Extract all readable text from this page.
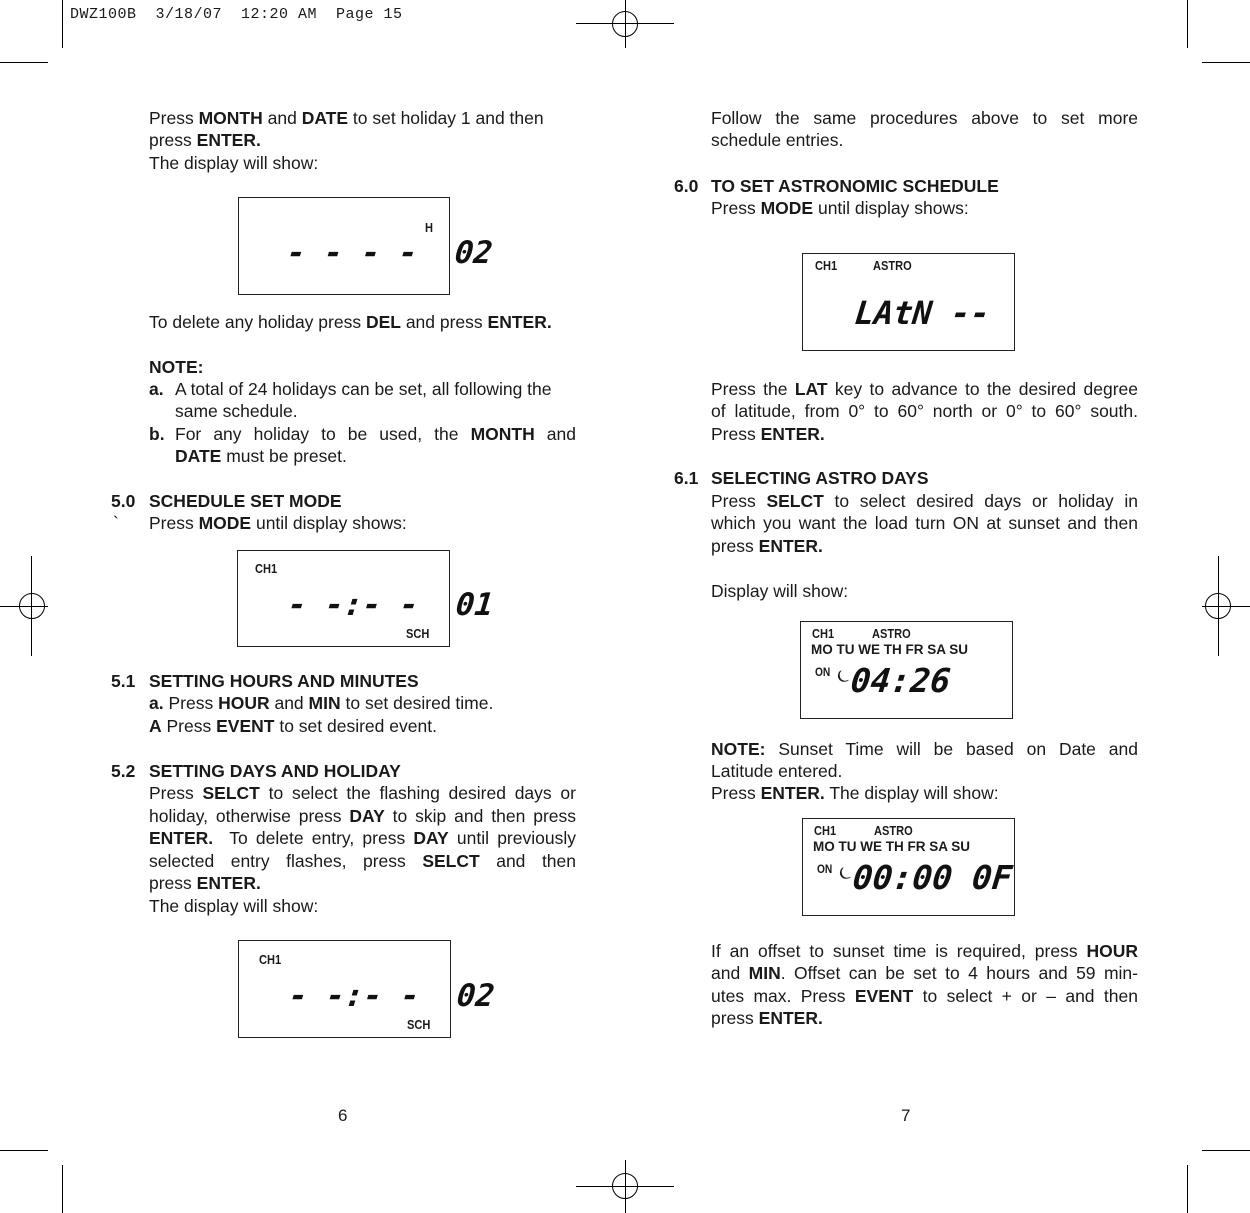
DWZ100B  3/18/07  12:20 AM  Page 15
Press MONTH and DATE to set holiday 1 and then
press ENTER.
The display will show:
H
- - - -  02
To delete any holiday press DEL and press ENTER.
NOTE:
a. A total of 24 holidays can be set, all following the
same schedule.
b. For any holiday to be used, the MONTH and
DATE must be preset.
5.0 SCHEDULE SET MODE
` Press MODE until display shows:
CH1
- -:- -  01
SCH
5.1 SETTING HOURS AND MINUTES
a. Press HOUR and MIN to set desired time.
A Press EVENT to set desired event.
5.2 SETTING DAYS AND HOLIDAY
Press SELCT to select the flashing desired days or
holiday, otherwise press DAY to skip and then press
ENTER.  To delete entry, press DAY until previously
selected entry flashes, press SELCT and then
press ENTER.
The display will show:
CH1
- -:- -  02
SCH
6
Follow the same procedures above to set more
schedule entries.
6.0 TO SET ASTRONOMIC SCHEDULE
Press MODE until display shows:
CH1	ASTRO
LAtN --
Press the LAT key to advance to the desired degree
of latitude, from 0° to 60° north or 0° to 60° south.
Press ENTER.
6.1 SELECTING ASTRO DAYS
Press SELCT to select desired days or holiday in
which you want the load turn ON at sunset and then
press ENTER.
Display will show:
CH1	ASTRO
MO TU WE TH FR SA SU
ON ⏾ 04:26
NOTE: Sunset Time will be based on Date and
Latitude entered.
Press ENTER. The display will show:
CH1	ASTRO
MO TU WE TH FR SA SU
ON ⏾ 00:00 0F
If an offset to sunset time is required, press HOUR
and MIN. Offset can be set to 4 hours and 59 min-
utes max. Press EVENT to select + or – and then
press ENTER.
7
